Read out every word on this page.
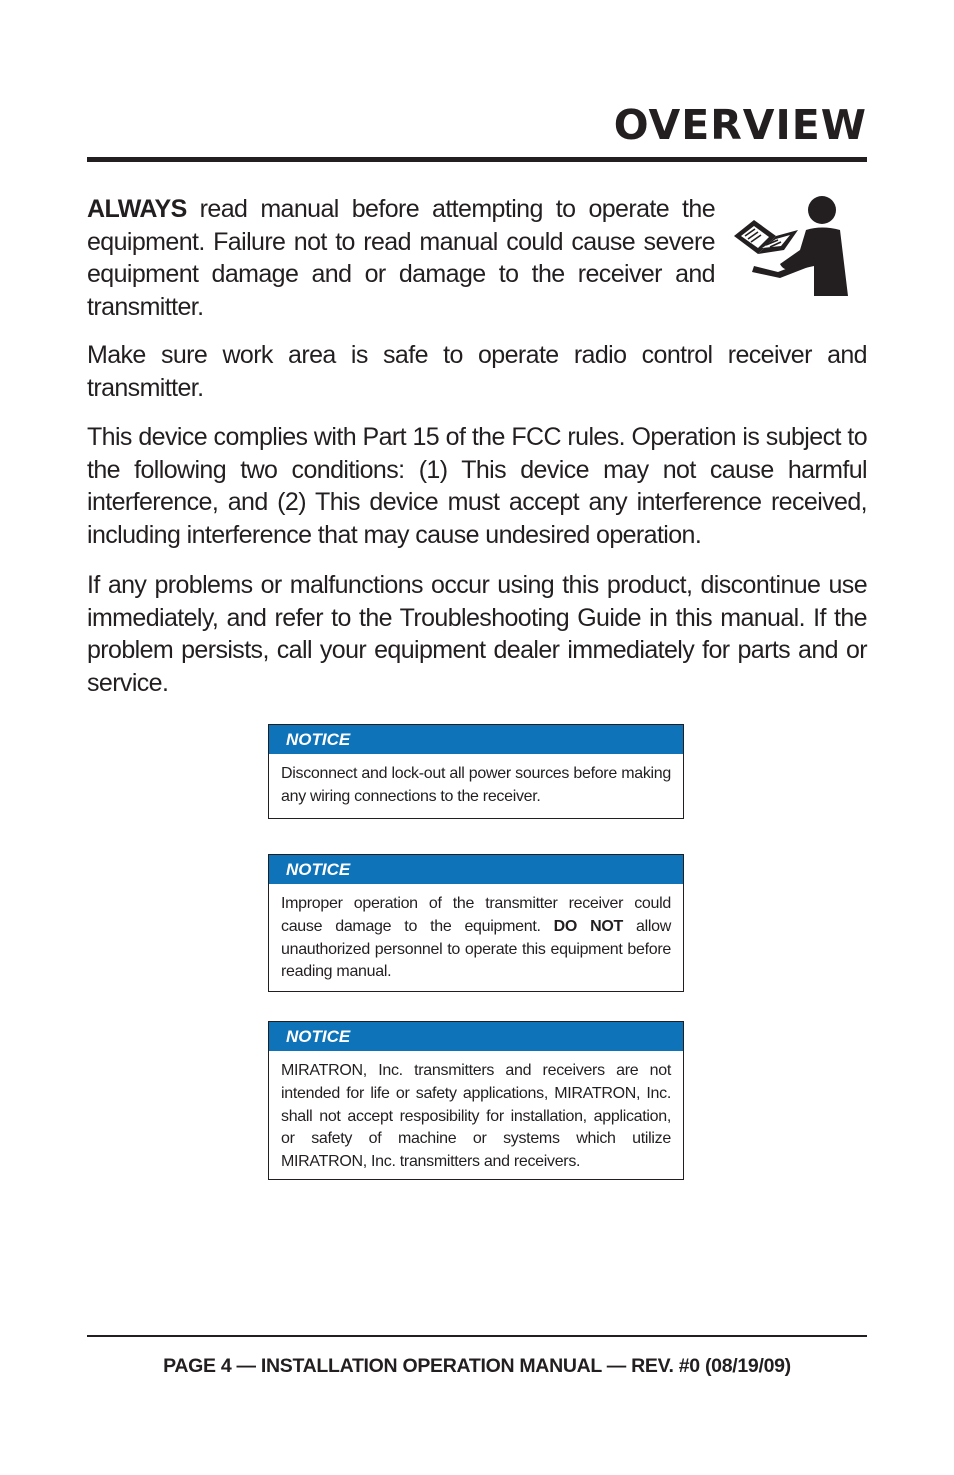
OVERVIEW

ALWAYS read manual before attempting to operate the equipment. Failure not to read manual could cause severe equipment damage and or damage to the receiver and transmitter.

Make sure work area is safe to operate radio control receiver and transmitter.

This device complies with Part 15 of the FCC rules. Operation is subject to the following two conditions: (1) This device may not cause harmful interference, and (2) This device must accept any interference received, including interference that may cause undesired operation.

If any problems or malfunctions occur using this product, discontinue use immediately, and refer to the Troubleshooting Guide in this manual. If the problem persists, call your equipment dealer immediately for parts and or service.

NOTICE
Disconnect and lock-out all power sources before making any wiring connections to the receiver.
NOTICE
Improper operation of the transmitter receiver could cause damage to the equipment. DO NOT allow unauthorized personnel to operate this equipment before reading manual.
NOTICE
MIRATRON, Inc. transmitters and receivers are not intended for life or safety applications, MIRATRON, Inc. shall not accept resposibility for installation, application, or safety of machine or systems which utilize MIRATRON, Inc. transmitters and receivers.

PAGE 4 — INSTALLATION OPERATION MANUAL — REV. #0 (08/19/09)
